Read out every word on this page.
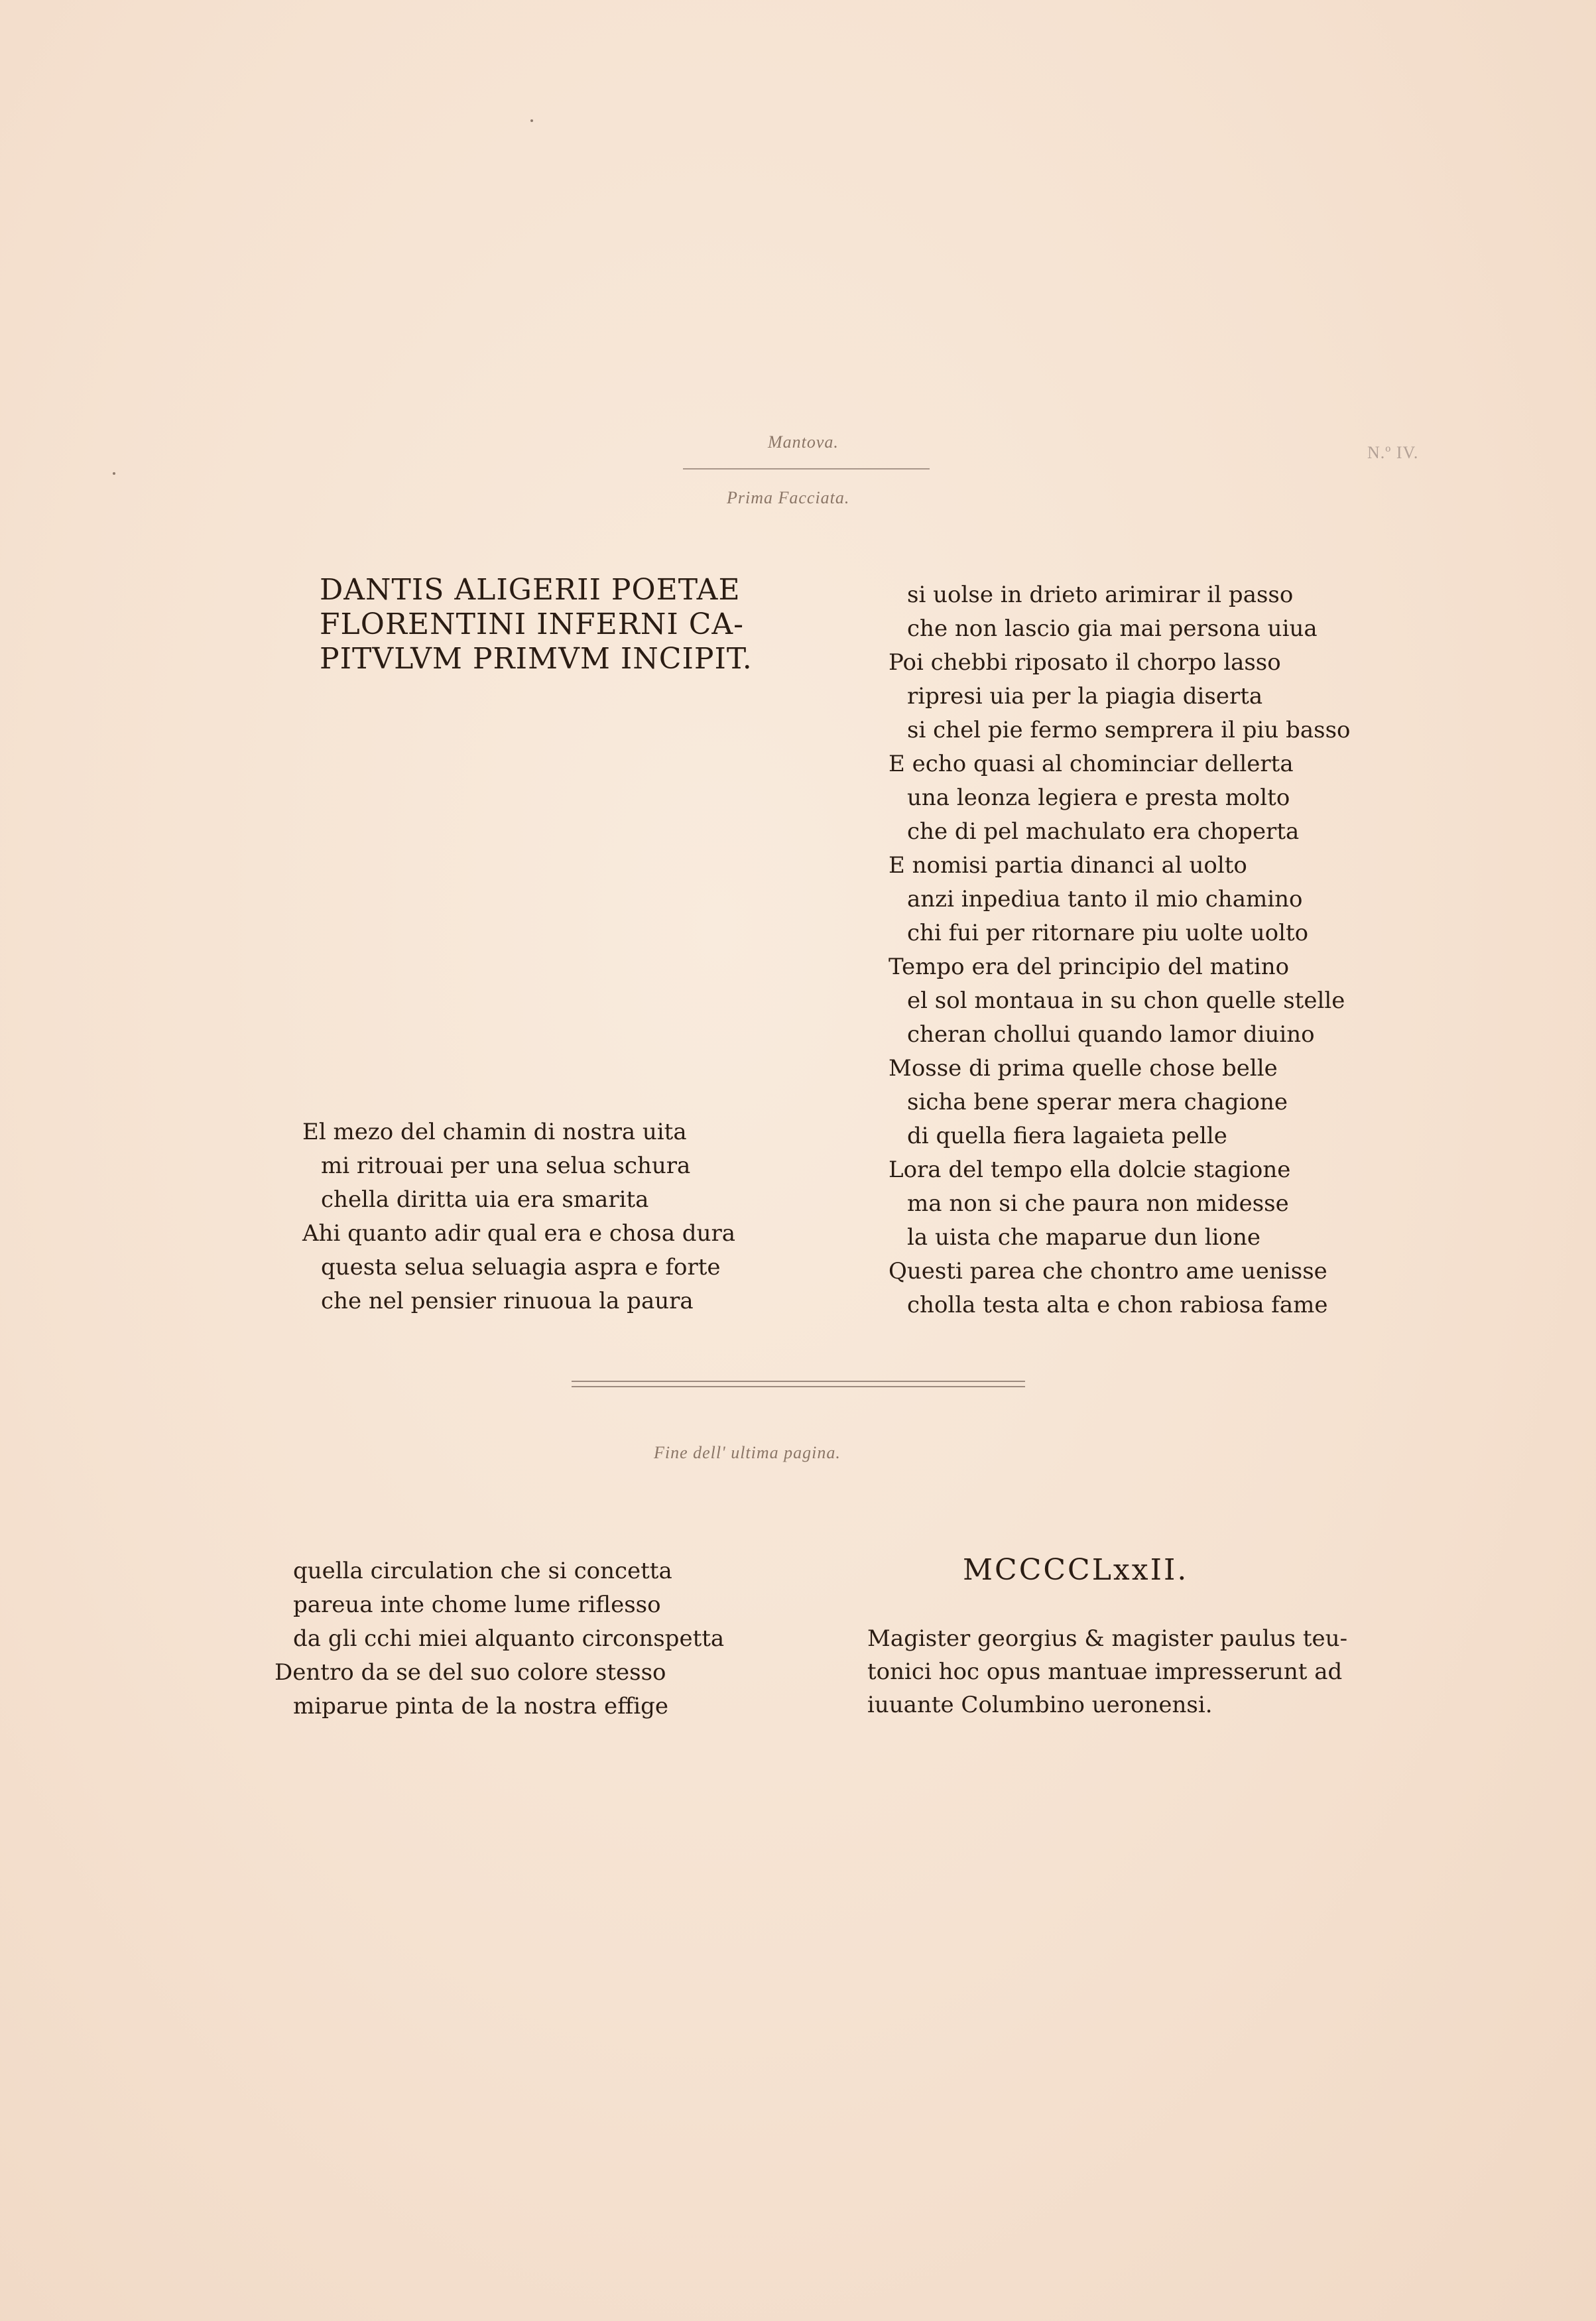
Mantova.
N.º IV.
Prima Facciata.
DANTIS ALIGERII POETAE
FLORENTINI INFERNI CA-
PITVLVM PRIMVM INCIPIT.
El mezo del chamin di nostra uita
mi ritrouai per una selua schura
chella diritta uia era smarita
Ahi quanto adir qual era e chosa dura
questa selua seluagia aspra e forte
che nel pensier rinuoua la paura
si uolse in drieto arimirar il passo
che non lascio gia mai persona uiua
Poi chebbi riposato il chorpo lasso
ripresi uia per la piagia diserta
si chel pie fermo semprera il piu basso
E echo quasi al chominciar dellerta
una leonza legiera e presta molto
che di pel machulato era choperta
E nomisi partia dinanci al uolto
anzi inpediua tanto il mio chamino
chi fui per ritornare piu uolte uolto
Tempo era del principio del matino
el sol montaua in su chon quelle stelle
cheran chollui quando lamor diuino
Mosse di prima quelle chose belle
sicha bene sperar mera chagione
di quella fiera lagaieta pelle
Lora del tempo ella dolcie stagione
ma non si che paura non midesse
la uista che maparue dun lione
Questi parea che chontro ame uenisse
cholla testa alta e chon rabiosa fame
Fine dell' ultima pagina.
quella circulation che si concetta
pareua inte chome lume riflesso
da gli cchi miei alquanto circonspetta
Dentro da se del suo colore stesso
miparue pinta de la nostra effige
MCCCCLxxII.
Magister georgius & magister paulus teu-
tonici hoc opus mantuae impresserunt ad
iuuante Columbino ueronensi.
